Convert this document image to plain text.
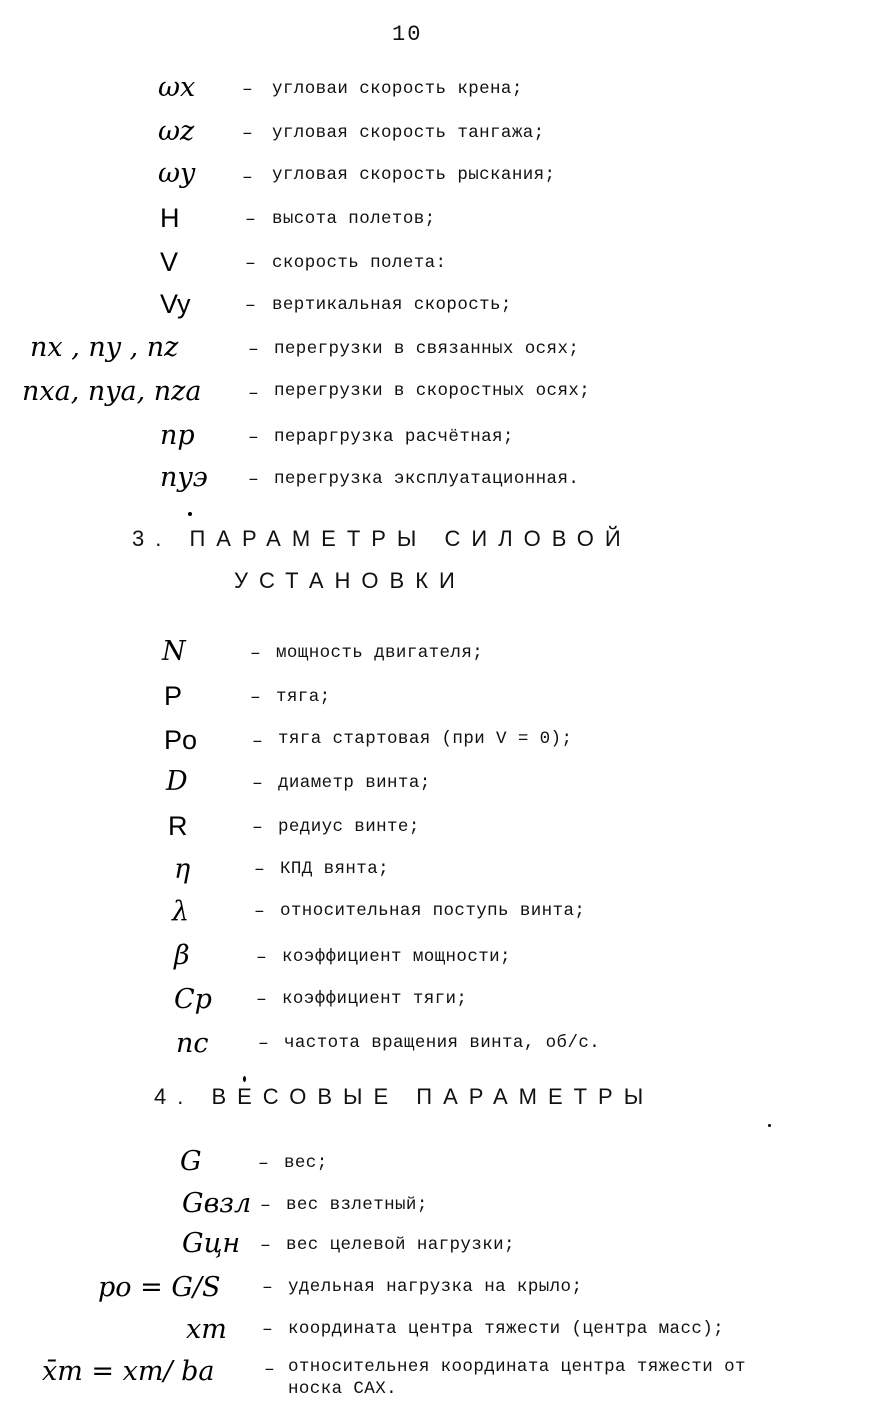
10
ωx	– угловаи скорость крена;
ωz	– угловая скорость тангажа;
ωy	– угловая скорость рыскания;
H	– высота полетов;
V	– скорость полета:
Vy	– вертикальная скорость;
nx , ny , nz	– перегрузки в связанных осях;
nxa, nya, nza	– перегрузки в скоростных осях;
nр	– пераргрузка расчётная;
nyэ – перегрузка эксплуатационная.
3. ПАРАМЕТРЫ СИЛОВОЙ
УСТАНОВКИ
N	– мощность двигателя;
P	– тяга;
Po	– тяга стартовая (при V = 0);
D	– диаметр винта;
R	– редиус винте;
η	– КПД вянта;
λ	– относительная поступь винта;
β	– коэффициент мощности;
Cp – коэффициент тяги;
nc	– частота вращения винта, об/с.
4. ВЕСОВЫЕ ПАРАМЕТРЫ
G	– вес;
Gвзл – вес взлетный;
Gцн – вес целевой нагрузки;
po = G/S – удельная нагрузка на крыло;
xт – координата центра тяжести (центра масс);
x̄т = xт/ bа	– относительнея координата центра тяжести от
носка САХ.
